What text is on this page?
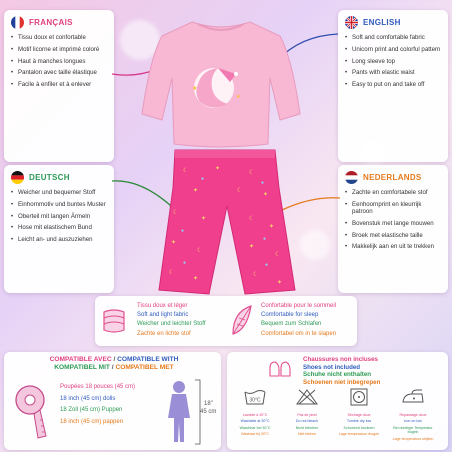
FRANÇAIS
• Tissu doux et confortable
• Motif licorne et imprimé coloré
• Haut à manches longues
• Pantalon avec taille élastique
• Facile à enfiler et à enlever
ENGLISH
• Soft and comfortable fabric
• Unicorn print and colorful pattern
• Long sleeve top
• Pants with elastic waist
• Easy to put on and take off
DEUTSCH
• Weicher und bequemer Stoff
• Einhornmotiv und buntes Muster
• Oberteil mit langen Ärmeln
• Hose mit elastischem Bund
• Leicht an- und auszuziehen
NEDERLANDS
• Zachte en comfortabele stof
• Eenhoornprint en kleurrijk patroon
• Bovenstuk met lange mouwen
• Broek met elastische taille
• Makkelijk aan en uit te trekken
★
★
☾	✦
☾
✦	☾
✦
☾
✦	☾
✦
✦
☾
✦
☾
☾
✦
☾
✦
●
●
●
●
●	●
Tissu doux et léger
Soft and light fabric
Weicher und leichter Stoff
Zachte en lichte stof
Confortable pour le sommeil
Comfortable for sleep
Bequem zum Schlafen
Comfortabel om in te slapen
COMPATIBLE AVEC / COMPATIBLE WITH
KOMPATIBEL MIT / COMPATIBEL MET
Poupées 18 pouces (45 cm)
18 inch (45 cm) dolls
18 Zoll (45 cm) Puppen
18 inch (45 cm) pappen
18"
45 cm
Chaussures non incluses
Shoes not included
Schuhe nicht enthalten
Schoenen niet inbegrepen
30°C
Lavable à 30°C
Washable at 30°C
Waschbar bei 30°C
Wasbaar bij 30°C
Pas de javel
Do not bleach
Nicht bleichen
Niet bleken
Séchage doux
Tumble dry low
Schonend trocknen
Lage temperatuur drogen
Repassage doux
Iron on low
Bei niedriger Temperatur bügeln
Lage temperatuur strijken
